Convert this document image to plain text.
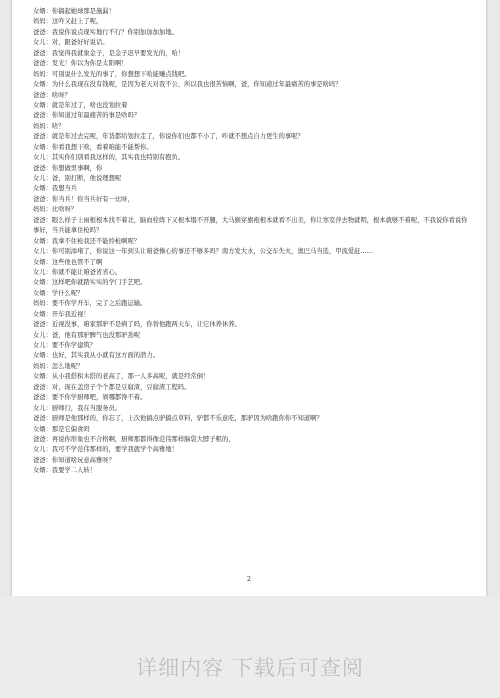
女婿：你搞起她球那是施漏！
妈妈：这咋又赶上了呢。
爸爸：我说你说点现实地行不行？你别加加加加地。
女儿：对，跟爸好好说话。
爸爸：我觉得我就象金子，是金子迟早要发光的，哈！
爸爸：发光！你以为你是太阳啊！
妈妈：可别说什么发光的事了，你想想下哈能赚点钱吧。
女婿：为什么我现在没有钱呢，是因为老天对我不公，所以我也很苦恼啊，爸，你知道过年最痛苦的事是啥吗？
爸爸：啥呀？
女婿：就是年过了，啥也没划拉着
爸爸：你知道过年最痛苦的事是啥吗？
妈妈：啥？
爸爸：就是年过去完呢，年货都给划拉走了，你说你们也都不小了，咋就不想点自力更生的事呢？
女婿：你看我想干啥，看着咱能不能帮你。
女儿：其实你们别看我这样的，其实我也特别有抱负。
爸爸：你想做里事啊，你
女儿：爸，别打断，他说理想呢
女婿：我想当兵
爸爸：你当兵！你当兵好有一比呀，
妈妈：比啥呀？
爸爸：眼么样子上雨根根本找不着北，脑血栓练下又根本塌不开腿，大马猴穿旗袍根本就看不出美，你让寒室萍去物就明，根本就够不着呢，不我说你看说你事好，当兵能拿住枪吗？
女婿：我拿不住枪我还不能拎枪啊呢？
女儿：你可别添堵了，你说这一年到头让咱爸操心的事还不够多吗？南方发大水，公交车失火，奥巴马当选，甲流爱赶……
女婿：这些他也管不了啊
女儿：你就不能让咱爸省省心。
女婿：这样吧你就踏实实的学门手艺吧。
女婿：学什么呢？
妈妈：要不你学开车，完了之后跑运输。
女婿：开车我近视！
爸爸：近视没事，咱家那驴不是病了吗，你替他跑两天车，让它休养休养。
女儿：爸，他有那驴脾气也没那驴劲呢
女儿：要不你学建筑？
女婿：也好，其实我从小就有这方面的潜力。
妈妈：怎么地呢？
女婿：从小我搭积木搭的老高了，那一人多高呢，就是经常倒！
爸爸：对，现在盖房子个个都是豆腐渣，豆腐渣工程吗。
爸爸：要不你学厨师吧，剁哪都馋不着。
女儿：厨师行，我在当服务员。
爸爸：厨师是他那样的，你忘了，上次他搞点驴搞点草料，驴都不乐意吃，那驴因为啥跑你你不知道啊？
女婿：那是它偏食吗
爸爸：再说你形象也不合格啊，厨师那都得像范伟那样脑袋大脖子粗的，
女儿：我可不学范伟那样的，要学我就学个高雅地！
爸爸：你知道啥玩意高雅呀？
女婿：我要学二人转！
2
详细内容 下载后可查阅
